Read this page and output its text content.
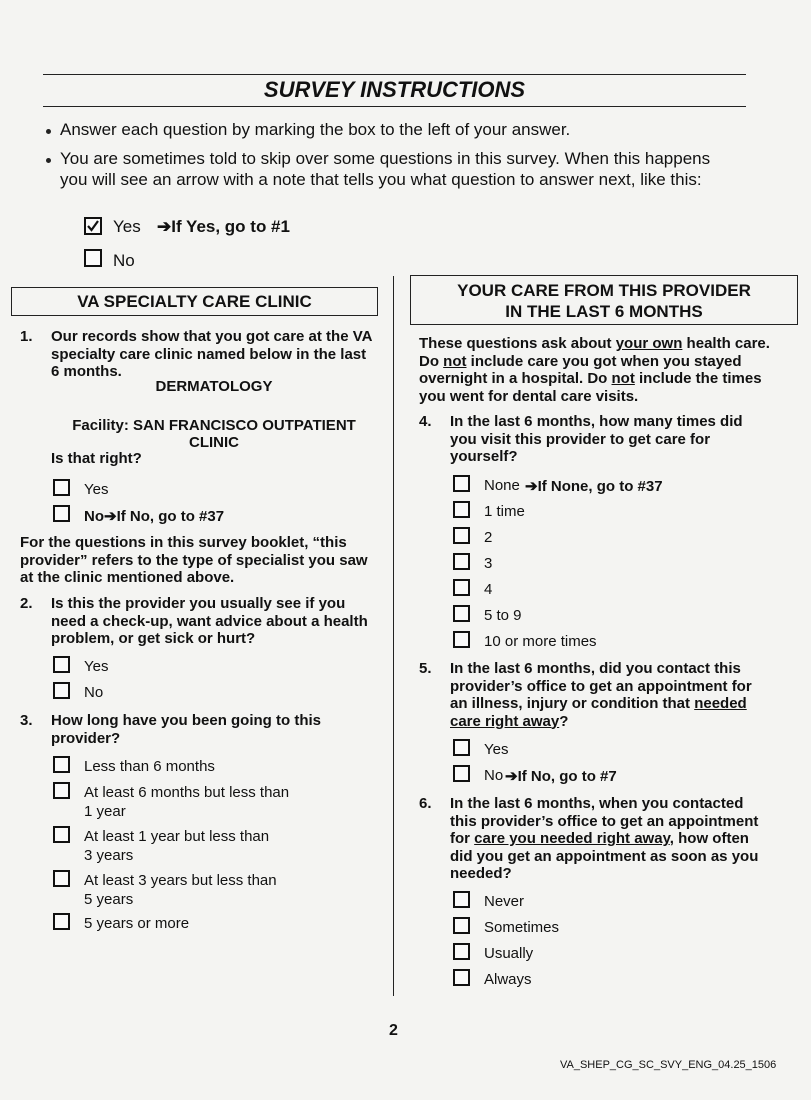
SURVEY INSTRUCTIONS
Answer each question by marking the box to the left of your answer.
You are sometimes told to skip over some questions in this survey. When this happens you will see an arrow with a note that tells you what question to answer next, like this:
Yes ➔If Yes, go to #1
No
VA SPECIALTY CARE CLINIC
1. Our records show that you got care at the VA specialty care clinic named below in the last 6 months.
DERMATOLOGY
Facility: SAN FRANCISCO OUTPATIENT
CLINIC
Is that right?
Yes
No➔If No, go to #37
For the questions in this survey booklet, “this provider” refers to the type of specialist you saw at the clinic mentioned above.
2. Is this the provider you usually see if you need a check-up, want advice about a health problem, or get sick or hurt?
Yes
No
3. How long have you been going to this provider?
Less than 6 months
At least 6 months but less than
1 year
At least 1 year but less than
3 years
At least 3 years but less than
5 years
5 years or more
YOUR CARE FROM THIS PROVIDER
IN THE LAST 6 MONTHS
These questions ask about your own health care. Do not include care you got when you stayed overnight in a hospital. Do not include the times you went for dental care visits.
4. In the last 6 months, how many times did you visit this provider to get care for yourself?
None ➔If None, go to #37
1 time
2
3
4
5 to 9
10 or more times
5. In the last 6 months, did you contact this provider’s office to get an appointment for an illness, injury or condition that needed care right away?
Yes
No ➔If No, go to #7
6. In the last 6 months, when you contacted this provider’s office to get an appointment for care you needed right away, how often did you get an appointment as soon as you needed?
Never
Sometimes
Usually
Always
2
VA_SHEP_CG_SC_SVY_ENG_04.25_1506
